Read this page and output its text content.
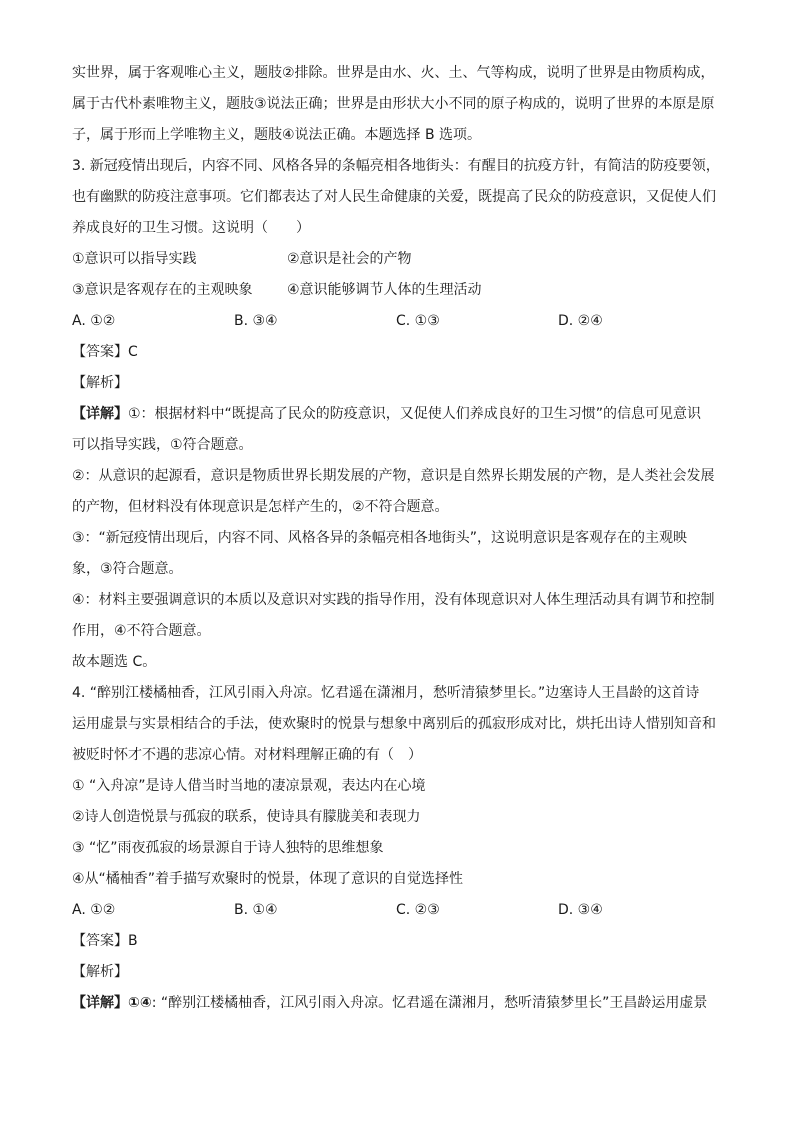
实世界，属于客观唯心主义，题肢②排除。世界是由水、火、土、气等构成，说明了世界是由物质构成，
属于古代朴素唯物主义，题肢③说法正确；世界是由形状大小不同的原子构成的，说明了世界的本原是原
子，属于形而上学唯物主义，题肢④说法正确。本题选择 B 选项。
3. 新冠疫情出现后，内容不同、风格各异的条幅亮相各地街头：有醒目的抗疫方针，有简洁的防疫要领，
也有幽默的防疫注意事项。它们都表达了对人民生命健康的关爱，既提高了民众的防疫意识，又促使人们
养成良好的卫生习惯。这说明（　　）
①意识可以指导实践	②意识是社会的产物
③意识是客观存在的主观映象	④意识能够调节人体的生理活动
A. ①②	B. ③④	C. ①③	D. ②④
【答案】C
【解析】
【详解】①：根据材料中“既提高了民众的防疫意识，又促使人们养成良好的卫生习惯”的信息可见意识
可以指导实践，①符合题意。
②：从意识的起源看，意识是物质世界长期发展的产物，意识是自然界长期发展的产物，是人类社会发展
的产物，但材料没有体现意识是怎样产生的，②不符合题意。
③：“新冠疫情出现后，内容不同、风格各异的条幅亮相各地街头”，这说明意识是客观存在的主观映
象，③符合题意。
④：材料主要强调意识的本质以及意识对实践的指导作用，没有体现意识对人体生理活动具有调节和控制
作用，④不符合题意。
故本题选 C。
4. “醉别江楼橘柚香，江风引雨入舟凉。忆君遥在潇湘月，愁听清猿梦里长。”边塞诗人王昌龄的这首诗
运用虚景与实景相结合的手法，使欢聚时的悦景与想象中离别后的孤寂形成对比，烘托出诗人惜别知音和
被贬时怀才不遇的悲凉心情。对材料理解正确的有（　）
① “入舟凉”是诗人借当时当地的凄凉景观，表达内在心境
②诗人创造悦景与孤寂的联系，使诗具有朦胧美和表现力
③ “忆”雨夜孤寂的场景源自于诗人独特的思维想象
④从“橘柚香”着手描写欢聚时的悦景，体现了意识的自觉选择性
A. ①②	B. ①④	C. ②③	D. ③④
【答案】B
【解析】
【详解】①④: “醉别江楼橘柚香，江风引雨入舟凉。忆君遥在潇湘月，愁听清猿梦里长”王昌龄运用虚景
